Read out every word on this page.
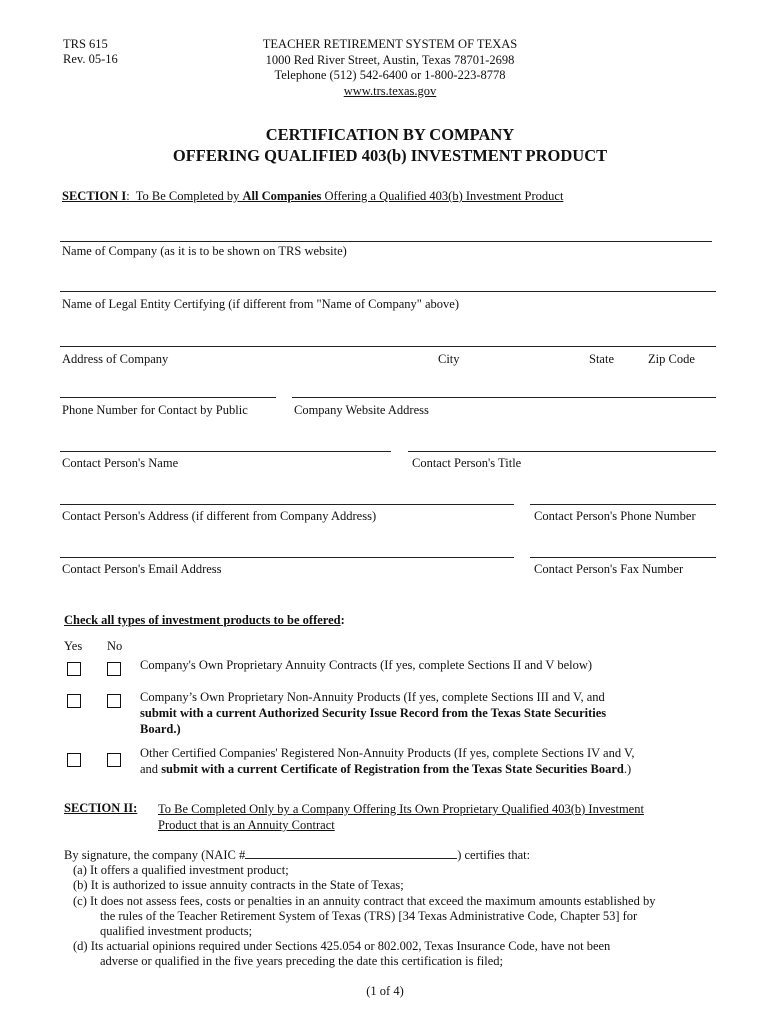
TRS 615
Rev. 05-16
TEACHER RETIREMENT SYSTEM OF TEXAS
1000 Red River Street, Austin, Texas 78701-2698
Telephone (512) 542-6400 or 1-800-223-8778
www.trs.texas.gov
CERTIFICATION BY COMPANY
OFFERING QUALIFIED 403(b) INVESTMENT PRODUCT
SECTION I:  To Be Completed by All Companies Offering a Qualified 403(b) Investment Product
Name of Company (as it is to be shown on TRS website)
Name of Legal Entity Certifying (if different from "Name of Company" above)
Address of Company	City	State	Zip Code
Phone Number for Contact by Public	Company Website Address
Contact Person's Name	Contact Person's Title
Contact Person's Address (if different from Company Address)	Contact Person's Phone Number
Contact Person's Email Address	Contact Person's Fax Number
Check all types of investment products to be offered:
Yes No
Company's Own Proprietary Annuity Contracts (If yes, complete Sections II and V below)
Company’s Own Proprietary Non-Annuity Products (If yes, complete Sections III and V, and
submit with a current Authorized Security Issue Record from the Texas State Securities
Board.)
Other Certified Companies' Registered Non-Annuity Products (If yes, complete Sections IV and V,
and submit with a current Certificate of Registration from the Texas State Securities Board.)
SECTION II: To Be Completed Only by a Company Offering Its Own Proprietary Qualified 403(b) Investment
Product that is an Annuity Contract
By signature, the company (NAIC #	) certifies that:
(a) It offers a qualified investment product;
(b) It is authorized to issue annuity contracts in the State of Texas;
(c) It does not assess fees, costs or penalties in an annuity contract that exceed the maximum amounts established by
the rules of the Teacher Retirement System of Texas (TRS) [34 Texas Administrative Code, Chapter 53] for
qualified investment products;
(d) Its actuarial opinions required under Sections 425.054 or 802.002, Texas Insurance Code, have not been
adverse or qualified in the five years preceding the date this certification is filed;
(1 of 4)
